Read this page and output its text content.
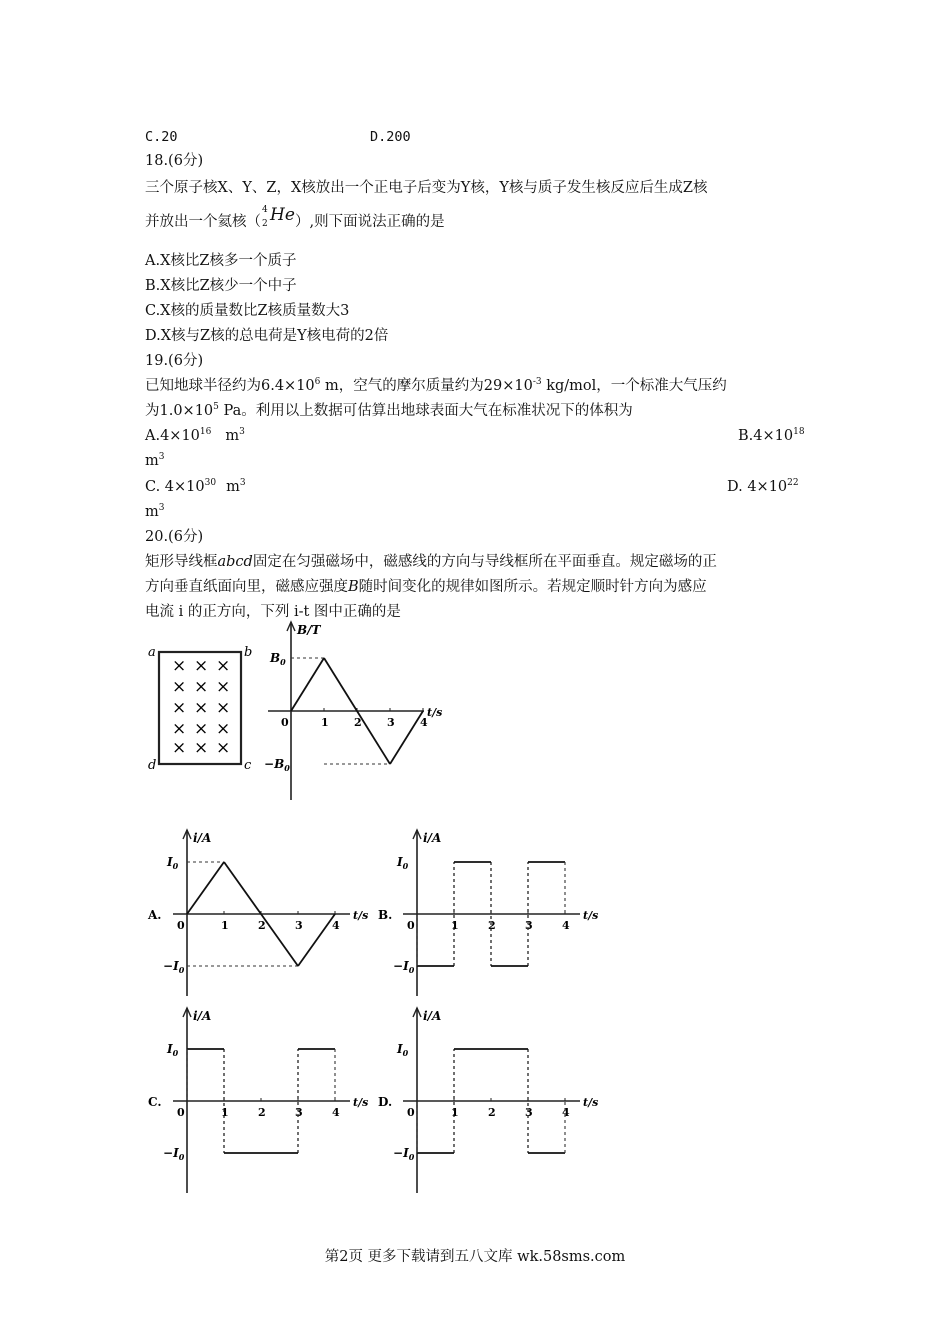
C.20	D.200
18.(6分)
三个原子核X、Y、Z，X核放出一个正电子后变为Y核，Y核与质子发生核反应后生成Z核
并放出一个氦核（
4
2 He ）,则下面说法正确的是
A.X核比Z核多一个质子
B.X核比Z核少一个中子
C.X核的质量数比Z核质量数大3
D.X核与Z核的总电荷是Y核电荷的2倍
19.(6分)
已知地球半径约为$6.4\times 10^6$ m，空气的摩尔质量约为$29\times 10^{-3}$ kg/mol，一个标准大气压约
为$1.0\times 10^5$ Pa。利用以上数据可估算出地球表面大气在标准状况下的体积为
$A.4\times 10^{16}$ $m^3$	$B.4\times 10^{18}$
$m^3$
C. $4\times 10^{30}$ $m^3$	D. $4\times 10^{22}$
$m^3$
20.(6分)
矩形导线框abcd固定在匀强磁场中，磁感线的方向与导线框所在平面垂直。规定磁场的正
方向垂直纸面向里，磁感应强度B随时间变化的规律如图所示。若规定顺时针方向为感应
电流 i 的正方向，下列 i-t 图中正确的是
a	b
c
d
× × ×
× × ×
× × ×
× × ×
× × ×
B/T
t/s
0	1 2 3 4
$B_0$
$-B_0$
i/A
t/s
0	1	2	3	4
$I_0$
$-I_0$
A.
i/A
t/s
0	1	2	3	4
$I_0$
$-I_0$
B.
i/A
t/s
0	1	2	3	4
$I_0$
$-I_0$
C.
i/A
t/s
0	1	2	3	4
$I_0$
$-I_0$
D.
第2页 更多下载请到五八文库 wk.58sms.com
